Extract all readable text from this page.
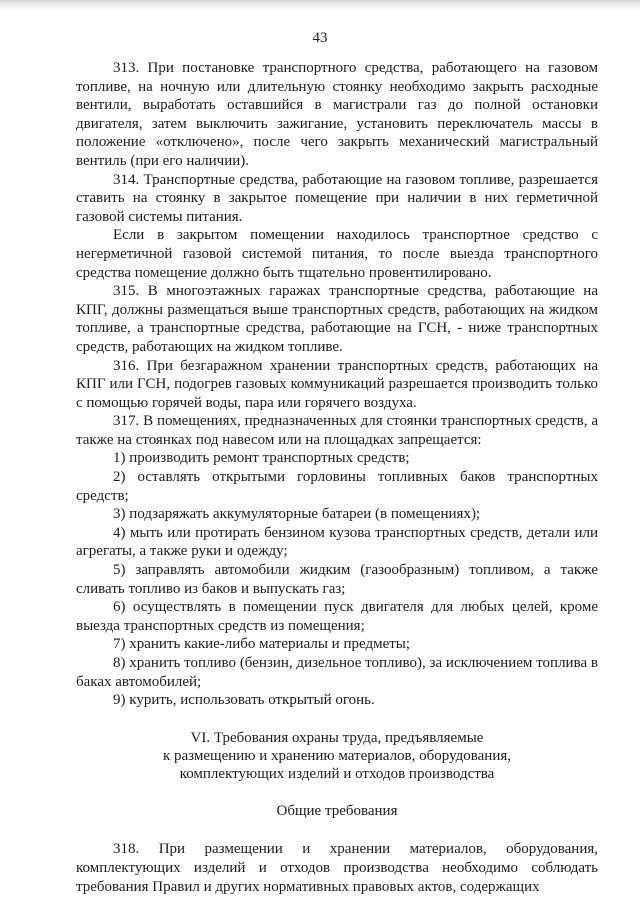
43

313. При постановке транспортного средства, работающего на газовом топливе, на ночную или длительную стоянку необходимо закрыть расходные вентили, выработать оставшийся в магистрали газ до полной остановки двигателя, затем выключить зажигание, установить переключатель массы в положение «отключено», после чего закрыть механический магистральный вентиль (при его наличии).

314. Транспортные средства, работающие на газовом топливе, разрешается ставить на стоянку в закрытое помещение при наличии в них герметичной газовой системы питания.

Если в закрытом помещении находилось транспортное средство с негерметичной газовой системой питания, то после выезда транспортного средства помещение должно быть тщательно провентилировано.

315. В многоэтажных гаражах транспортные средства, работающие на КПГ, должны размещаться выше транспортных средств, работающих на жидком топливе, а транспортные средства, работающие на ГСН, - ниже транспортных средств, работающих на жидком топливе.

316. При безгаражном хранении транспортных средств, работающих на КПГ или ГСН, подогрев газовых коммуникаций разрешается производить только с помощью горячей воды, пара или горячего воздуха.

317. В помещениях, предназначенных для стоянки транспортных средств, а также на стоянках под навесом или на площадках запрещается:

1) производить ремонт транспортных средств;

2) оставлять открытыми горловины топливных баков транспортных средств;

3) подзаряжать аккумуляторные батареи (в помещениях);

4) мыть или протирать бензином кузова транспортных средств, детали или агрегаты, а также руки и одежду;

5) заправлять автомобили жидким (газообразным) топливом, а также сливать топливо из баков и выпускать газ;

6) осуществлять в помещении пуск двигателя для любых целей, кроме выезда транспортных средств из помещения;

7) хранить какие-либо материалы и предметы;

8) хранить топливо (бензин, дизельное топливо), за исключением топлива в баках автомобилей;

9) курить, использовать открытый огонь.

VI. Требования охраны труда, предъявляемые
к размещению и хранению материалов, оборудования,
комплектующих изделий и отходов производства
Общие требования

318. При размещении и хранении материалов, оборудования, комплектующих изделий и отходов производства необходимо соблюдать требования Правил и других нормативных правовых актов, содержащих
